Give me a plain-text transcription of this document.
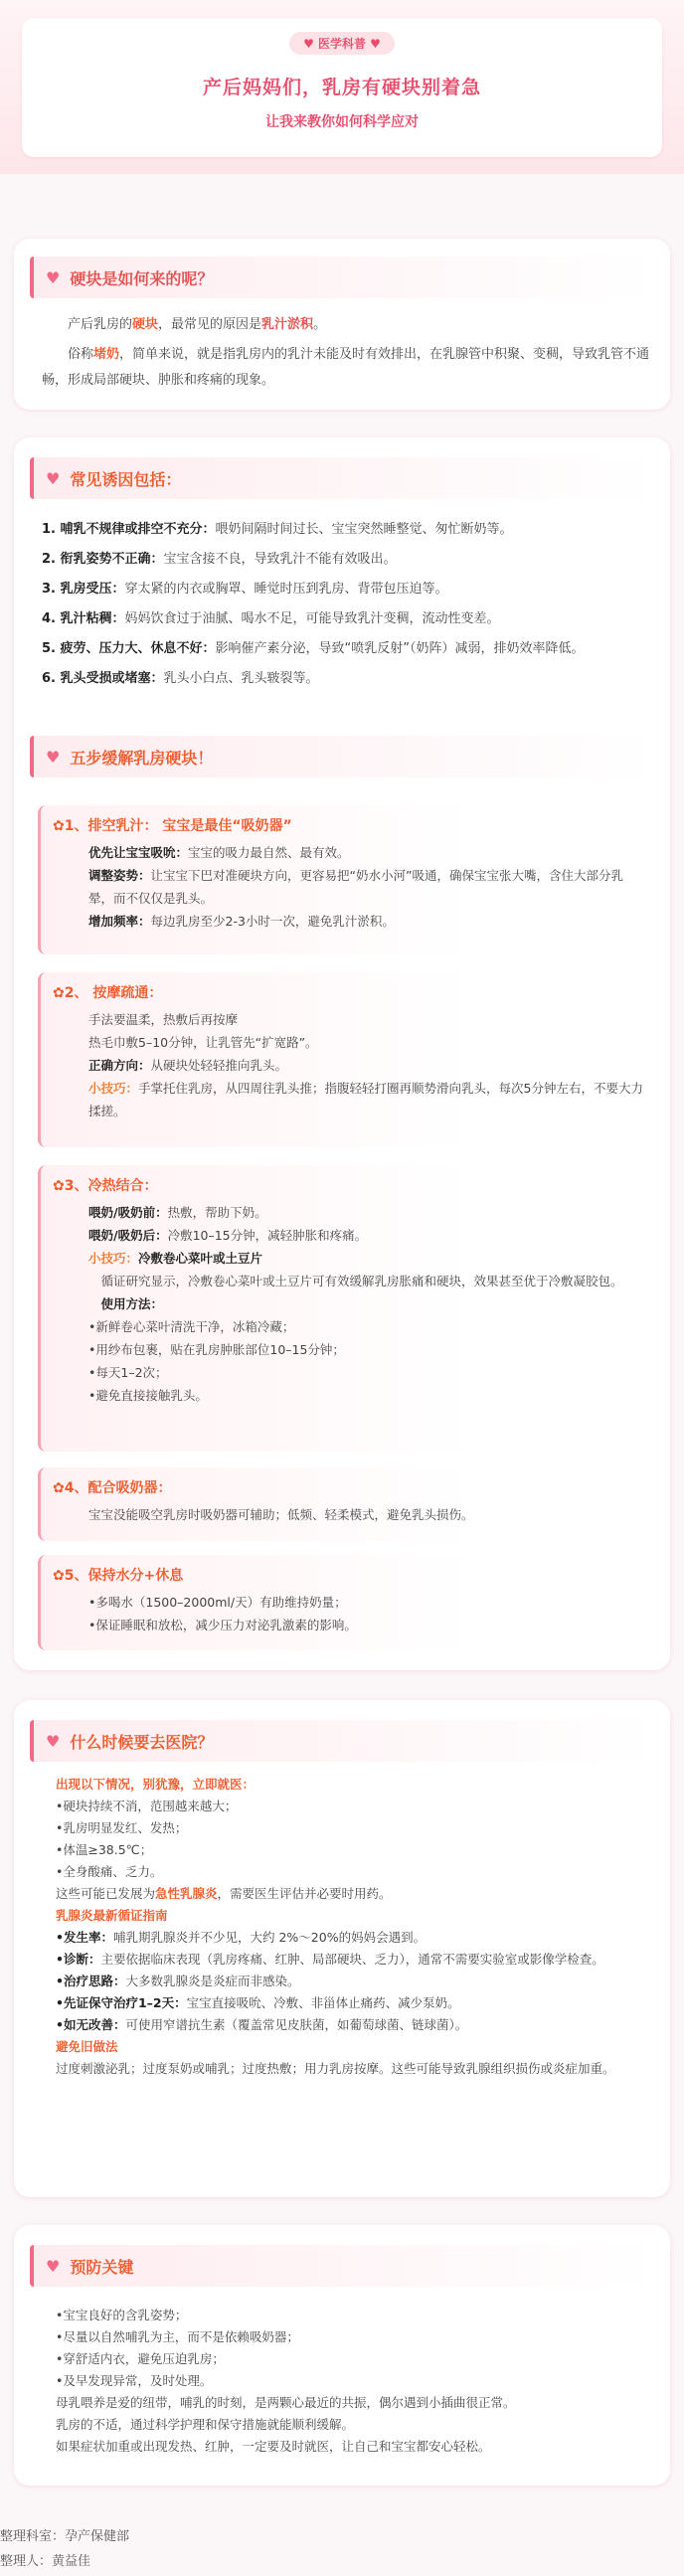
♥ 医学科普 ♥
产后妈妈们，乳房有硬块别着急
让我来教你如何科学应对
♥ 硬块是如何来的呢？
产后乳房的硬块，最常见的原因是乳汁淤积。
俗称堵奶，简单来说，就是指乳房内的乳汁未能及时有效排出，在乳腺管中积聚、变稠，导致乳管不通畅，形成局部硬块、肿胀和疼痛的现象。
♥ 常见诱因包括：
1. 哺乳不规律或排空不充分：喂奶间隔时间过长、宝宝突然睡整觉、匆忙断奶等。
2. 衔乳姿势不正确：宝宝含接不良，导致乳汁不能有效吸出。
3. 乳房受压：穿太紧的内衣或胸罩、睡觉时压到乳房、背带包压迫等。
4. 乳汁粘稠：妈妈饮食过于油腻、喝水不足，可能导致乳汁变稠，流动性变差。
5. 疲劳、压力大、休息不好：影响催产素分泌，导致“喷乳反射”（奶阵）减弱，排奶效率降低。
6. 乳头受损或堵塞：乳头小白点、乳头皲裂等。
♥ 五步缓解乳房硬块！
✿1、排空乳汁： 宝宝是最佳“吸奶器”
优先让宝宝吸吮：宝宝的吸力最自然、最有效。
调整姿势：让宝宝下巴对准硬块方向，更容易把“奶水小河”吸通，确保宝宝张大嘴，含住大部分乳晕，而不仅仅是乳头。
增加频率：每边乳房至少2-3小时一次，避免乳汁淤积。
✿2、 按摩疏通：
手法要温柔，热敷后再按摩
热毛巾敷5–10分钟，让乳管先“扩宽路”。
正确方向：从硬块处轻轻推向乳头。
小技巧：手掌托住乳房，从四周往乳头推；指腹轻轻打圈再顺势滑向乳头，每次5分钟左右，不要大力揉搓。
✿3、冷热结合：
喂奶/吸奶前：热敷，帮助下奶。
喂奶/吸奶后：冷敷10–15分钟，减轻肿胀和疼痛。
小技巧：冷敷卷心菜叶或土豆片
循证研究显示，冷敷卷心菜叶或土豆片可有效缓解乳房胀痛和硬块，效果甚至优于冷敷凝胶包。
使用方法：
•新鲜卷心菜叶清洗干净，冰箱冷藏；
•用纱布包裹，贴在乳房肿胀部位10–15分钟；
•每天1–2次；
•避免直接接触乳头。
✿4、配合吸奶器：
宝宝没能吸空乳房时吸奶器可辅助；低频、轻柔模式，避免乳头损伤。
✿5、保持水分+休息
•多喝水（1500–2000ml/天）有助维持奶量；
•保证睡眠和放松，减少压力对泌乳激素的影响。
♥ 什么时候要去医院？
出现以下情况，别犹豫，立即就医：
•硬块持续不消，范围越来越大；
•乳房明显发红、发热；
•体温≥38.5℃；
•全身酸痛、乏力。
这些可能已发展为急性乳腺炎，需要医生评估并必要时用药。
乳腺炎最新循证指南
•发生率：哺乳期乳腺炎并不少见，大约 2%～20%的妈妈会遇到。
•诊断：主要依据临床表现（乳房疼痛、红肿、局部硬块、乏力），通常不需要实验室或影像学检查。
•治疗思路：大多数乳腺炎是炎症而非感染。
•先证保守治疗1–2天：宝宝直接吸吮、冷敷、非甾体止痛药、减少泵奶。
•如无改善：可使用窄谱抗生素（覆盖常见皮肤菌，如葡萄球菌、链球菌）。
避免旧做法
过度刺激泌乳；过度泵奶或哺乳；过度热敷；用力乳房按摩。这些可能导致乳腺组织损伤或炎症加重。
♥ 预防关键
•宝宝良好的含乳姿势；
•尽量以自然哺乳为主，而不是依赖吸奶器；
•穿舒适内衣，避免压迫乳房；
•及早发现异常，及时处理。
母乳喂养是爱的纽带，哺乳的时刻，是两颗心最近的共振，偶尔遇到小插曲很正常。
乳房的不适，通过科学护理和保守措施就能顺利缓解。
如果症状加重或出现发热、红肿，一定要及时就医，让自己和宝宝都安心轻松。
整理科室：孕产保健部
整理人：黄益佳
